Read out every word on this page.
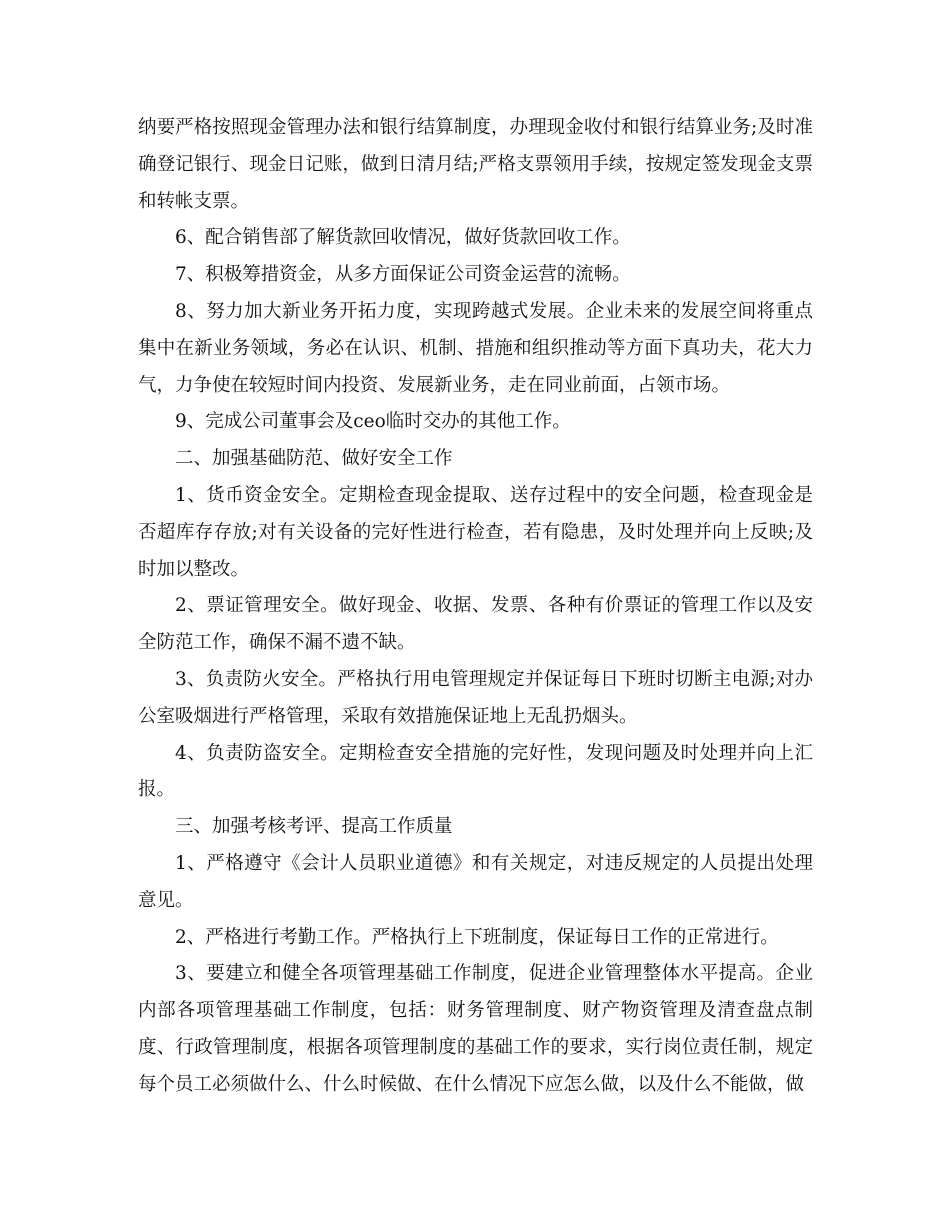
纳要严格按照现金管理办法和银行结算制度，办理现金收付和银行结算业务;及时准确登记银行、现金日记账，做到日清月结;严格支票领用手续，按规定签发现金支票和转帐支票。

6、配合销售部了解货款回收情况，做好货款回收工作。

7、积极筹措资金，从多方面保证公司资金运营的流畅。

8、努力加大新业务开拓力度，实现跨越式发展。企业未来的发展空间将重点集中在新业务领域，务必在认识、机制、措施和组织推动等方面下真功夫，花大力气，力争使在较短时间内投资、发展新业务，走在同业前面，占领市场。

9、完成公司董事会及ceo临时交办的其他工作。

二、加强基础防范、做好安全工作

1、货币资金安全。定期检查现金提取、送存过程中的安全问题，检查现金是否超库存存放;对有关设备的完好性进行检查，若有隐患，及时处理并向上反映;及时加以整改。

2、票证管理安全。做好现金、收据、发票、各种有价票证的管理工作以及安全防范工作，确保不漏不遗不缺。

3、负责防火安全。严格执行用电管理规定并保证每日下班时切断主电源;对办公室吸烟进行严格管理，采取有效措施保证地上无乱扔烟头。

4、负责防盗安全。定期检查安全措施的完好性，发现问题及时处理并向上汇报。

三、加强考核考评、提高工作质量

1、严格遵守《会计人员职业道德》和有关规定，对违反规定的人员提出处理意见。

2、严格进行考勤工作。严格执行上下班制度，保证每日工作的正常进行。

3、要建立和健全各项管理基础工作制度，促进企业管理整体水平提高。企业内部各项管理基础工作制度，包括：财务管理制度、财产物资管理及清查盘点制度、行政管理制度，根据各项管理制度的基础工作的要求，实行岗位责任制，规定每个员工必须做什么、什么时候做、在什么情况下应怎么做，以及什么不能做，做
